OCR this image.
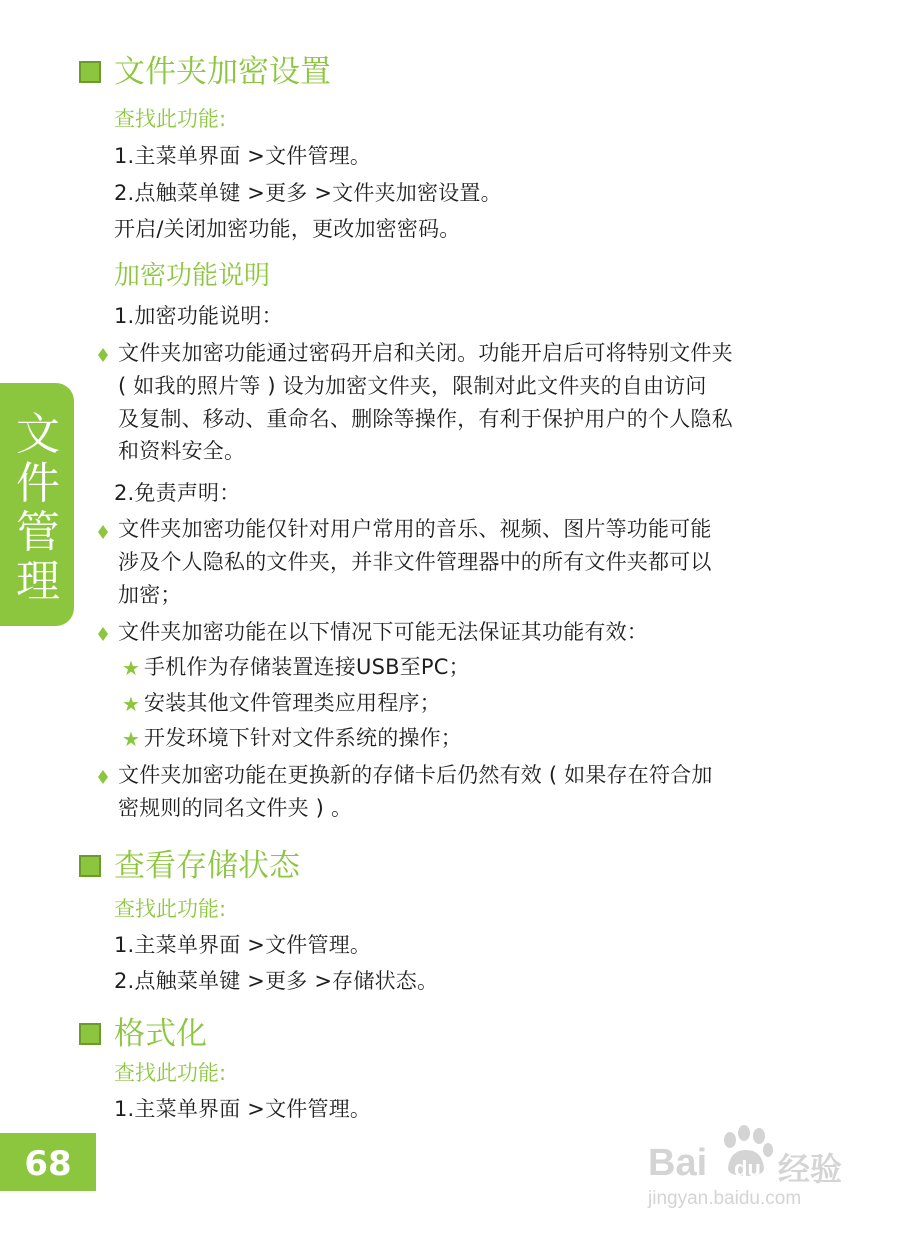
文件夹加密设置
查找此功能:
1.主菜单界面 >文件管理。
2.点触菜单键 >更多 >文件夹加密设置。
开启/关闭加密功能，更改加密密码。
加密功能说明
1.加密功能说明：
文件夹加密功能通过密码开启和关闭。功能开启后可将特别文件夹
( 如我的照片等 ) 设为加密文件夹，限制对此文件夹的自由访问
及复制、移动、重命名、删除等操作，有利于保护用户的个人隐私
和资料安全。
2.免责声明：
文件夹加密功能仅针对用户常用的音乐、视频、图片等功能可能
涉及个人隐私的文件夹，并非文件管理器中的所有文件夹都可以
加密；
文件夹加密功能在以下情况下可能无法保证其功能有效：
★ 手机作为存储装置连接USB至PC；
★ 安装其他文件管理类应用程序；
★ 开发环境下针对文件系统的操作；
文件夹加密功能在更换新的存储卡后仍然有效 ( 如果存在符合加
密规则的同名文件夹 ) 。
查看存储状态
查找此功能:
1.主菜单界面 >文件管理。
2.点触菜单键 >更多 >存储状态。
格式化
查找此功能:
1.主菜单界面 >文件管理。
文
件
管
理
68	Bai du 经验
jingyan.baidu.com
